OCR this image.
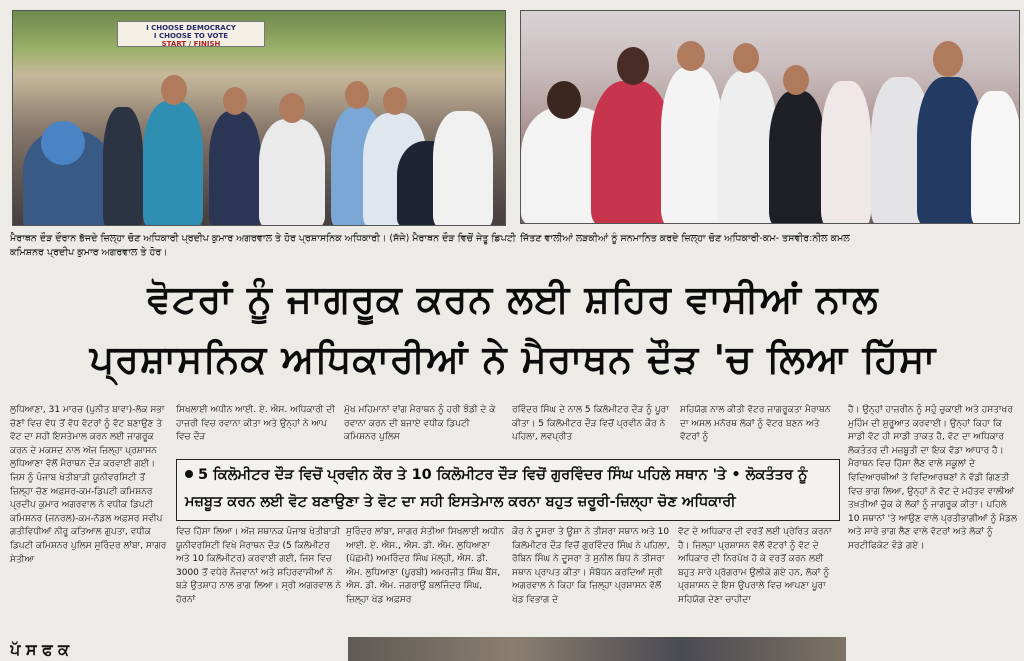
I CHOOSE DEMOCRACY
I CHOOSE TO VOTE
START / FINISH
ਮੈਰਾਥਨ ਦੌੜ ਦੌਰਾਨ ਭੱਜਦੇ ਜ਼ਿਲ੍ਹਾ ਚੋਣ ਅਧਿਕਾਰੀ ਪ੍ਰਦੀਪ ਕੁਮਾਰ ਅਗਰਵਾਲ ਤੇ ਹੋਰ ਪ੍ਰਸ਼ਾਸਨਿਕ ਅਧਿਕਾਰੀ। (ਸੱਜੇ) ਮੈਰਾਥਨ ਦੌੜ ਵਿਚੋਂ ਜੇਤੂ ਡਿਪਟੀ ਕਮਿਸ਼ਨਰ ਪ੍ਰਦੀਪ ਕੁਮਾਰ ਅਗਰਵਾਲ ਤੇ ਹੋਰ।
ਜਿੱਤਣ ਵਾਲੀਆਂ ਲੜਕੀਆਂ ਨੂੰ ਸਨਮਾਨਿਤ ਕਰਦੇ ਜ਼ਿਲ੍ਹਾ ਚੋਣ ਅਧਿਕਾਰੀ-ਕਮ- ਤਸਵੀਰ:ਨੀਲ ਕਮਲ
ਵੋਟਰਾਂ ਨੂੰ ਜਾਗਰੂਕ ਕਰਨ ਲਈ ਸ਼ਹਿਰ ਵਾਸੀਆਂ ਨਾਲ
ਪ੍ਰਸ਼ਾਸਨਿਕ ਅਧਿਕਾਰੀਆਂ ਨੇ ਮੈਰਾਥਨ ਦੌੜ 'ਚ ਲਿਆ ਹਿੱਸਾ
ਲੁਧਿਆਣਾ, 31 ਮਾਰਚ (ਪੁਨੀਤ ਬਾਵਾ)-ਲੋਕ ਸਭਾ ਚੋਣਾਂ ਵਿਚ ਵੱਧ ਤੋਂ ਵੱਧ ਵੋਟਰਾਂ ਨੂੰ ਵੋਟ ਬਣਾਉਣ ਤੇ ਵੋਟ ਦਾ ਸਹੀ ਇਸਤੇਮਾਲ ਕਰਨ ਲਈ ਜਾਗਰੂਕ ਕਰਨ ਦੇ ਮਕਸਦ ਨਾਲ ਅੱਜ ਜ਼ਿਲ੍ਹਾ ਪ੍ਰਸ਼ਾਸਨ ਲੁਧਿਆਣਾ ਵੱਲੋਂ ਮੈਰਾਥਨ ਦੌੜ ਕਰਵਾਈ ਗਈ। ਜਿਸ ਨੂੰ ਪੰਜਾਬ ਖੇਤੀਬਾੜੀ ਯੂਨੀਵਰਸਿਟੀ ਤੋਂ ਜ਼ਿਲ੍ਹਾ ਚੋਣ ਅਫ਼ਸਰ-ਕਮ-ਡਿਪਟੀ ਕਮਿਸ਼ਨਰ ਪ੍ਰਦੀਪ ਕੁਮਾਰ ਅਗਰਵਾਲ ਨੇ ਵਧੀਕ ਡਿਪਟੀ ਕਮਿਸ਼ਨਰ (ਜਨਰਲ)-ਕਮ-ਨੋਡਲ ਅਫ਼ਸਰ ਸਵੀਪ ਗਤੀਵਿਧੀਆਂ ਨੀਰੂ ਕਤਿਆਲ ਗੁਪਤਾ, ਵਧੀਕ ਡਿਪਟੀ ਕਮਿਸ਼ਨਰ ਪੁਲਿਸ ਸੁਰਿੰਦਰ ਲਾਂਬਾ, ਸਾਗਰ ਸੇਤੀਆ
ਸਿਖਲਾਈ ਅਧੀਨ ਆਈ. ਏ. ਐਸ. ਅਧਿਕਾਰੀ ਦੀ ਹਾਜ਼ਰੀ ਵਿਚ ਰਵਾਨਾ ਕੀਤਾ ਅਤੇ ਉਨ੍ਹਾਂ ਨੇ ਆਪ ਵਿਚ ਦੌੜ
ਵਿਚ ਹਿੱਸਾ ਲਿਆ। ਅੱਜ ਸਥਾਨਕ ਪੰਜਾਬ ਖੇਤੀਬਾੜੀ ਯੂਨੀਵਰਸਿਟੀ ਵਿਖੇ ਮੈਰਾਥਨ ਦੌੜ (5 ਕਿਲੋਮੀਟਰ ਅਤੇ 10 ਕਿਲੋਮੀਟਰ) ਕਰਵਾਈ ਗਈ, ਜਿਸ ਵਿਚ 3000 ਤੋਂ ਵਧੇਰੇ ਨੌਜਵਾਨਾਂ ਅਤੇ ਸ਼ਹਿਰਵਾਸੀਆਂ ਨੇ ਬੜੇ ਉਤਸ਼ਾਹ ਨਾਲ ਭਾਗ ਲਿਆ। ਸ੍ਰੀ ਅਗਰਵਾਲ ਨੇ ਹੋਰਨਾਂ
ਮੁੱਖ ਮਹਿਮਾਨਾਂ ਵਾਂਗ ਮੈਰਾਥਨ ਨੂੰ ਹਰੀ ਝੰਡੀ ਦੇ ਕੇ ਰਵਾਨਾ ਕਰਨ ਦੀ ਬਜਾਏ ਵਧੀਕ ਡਿਪਟੀ ਕਮਿਸ਼ਨਰ ਪੁਲਿਸ
ਸੁਰਿੰਦਰ ਲਾਂਬਾ, ਸਾਗਰ ਸੇਤੀਆ ਸਿਖਲਾਈ ਅਧੀਨ ਆਈ. ਏ. ਐਸ., ਐਸ. ਡੀ. ਐਮ. ਲੁਧਿਆਣਾ (ਪੱਛਮੀ) ਅਮਰਿੰਦਰ ਸਿੰਘ ਮੱਲ੍ਹੀ, ਐਸ. ਡੀ. ਐਮ. ਲੁਧਿਆਣਾ (ਪੂਰਬੀ) ਅਮਰਜੀਤ ਸਿੰਘ ਬੈਂਸ, ਐਸ. ਡੀ. ਐਮ. ਜਗਰਾਉਂ ਬਲਜਿੰਦਰ ਸਿੰਘ, ਜ਼ਿਲ੍ਹਾ ਖੇਡ ਅਫ਼ਸਰ
ਰਵਿੰਦਰ ਸਿੰਘ ਦੇ ਨਾਲ 5 ਕਿਲੋਮੀਟਰ ਦੌੜ ਨੂੰ ਪੂਰਾ ਕੀਤਾ। 5 ਕਿਲੋਮੀਟਰ ਦੌੜ ਵਿਚੋਂ ਪ੍ਰਵੀਨ ਕੌਰ ਨੇ ਪਹਿਲਾ, ਲਵਪ੍ਰੀਤ
ਕੌਰ ਨੇ ਦੂਸਰਾ ਤੇ ਊਸ਼ਾ ਨੇ ਤੀਸਰਾ ਸਥਾਨ ਅਤੇ 10 ਕਿਲੋਮੀਟਰ ਦੌੜ ਵਿਚੋਂ ਗੁਰਵਿੰਦਰ ਸਿੰਘ ਨੇ ਪਹਿਲਾ, ਰੋਬਿਨ ਸਿੰਘ ਨੇ ਦੂਸਰਾ ਤੇ ਸੁਨੀਲ ਬਿਧ ਨੇ ਤੀਸਰਾ ਸਥਾਨ ਪ੍ਰਾਪਤ ਕੀਤਾ। ਸੰਬੋਧਨ ਕਰਦਿਆਂ ਸ੍ਰੀ ਅਗਰਵਾਲ ਨੇ ਕਿਹਾ ਕਿ ਜ਼ਿਲ੍ਹਾ ਪ੍ਰਸ਼ਾਸਨ ਵੱਲੋਂ ਖੇਡ ਵਿਭਾਗ ਦੇ
ਸਹਿਯੋਗ ਨਾਲ ਕੀਤੀ ਵੋਟਰ ਜਾਗਰੂਕਤਾ ਮੈਰਾਥਨ ਦਾ ਅਸਲ ਮਨੋਰਥ ਲੋਕਾਂ ਨੂੰ ਵੋਟਰ ਬਣਨ ਅਤੇ ਵੋਟਰਾਂ ਨੂੰ
ਵੋਟ ਦੇ ਅਧਿਕਾਰ ਦੀ ਵਰਤੋਂ ਲਈ ਪ੍ਰੇਰਿਤ ਕਰਨਾ ਹੈ। ਜ਼ਿਲ੍ਹਾ ਪ੍ਰਸ਼ਾਸਨ ਵੱਲੋਂ ਵੋਟਰਾਂ ਨੂੰ ਵੋਟ ਦੇ ਅਧਿਕਾਰ ਦੀ ਨਿਰਪੱਖ ਹੋ ਕੇ ਵਰਤੋਂ ਕਰਨ ਲਈ ਬਹੁਤ ਸਾਰੇ ਪ੍ਰੋਗਰਾਮ ਉਲੀਕੇ ਗਏ ਹਨ, ਲੋਕਾਂ ਨੂੰ ਪ੍ਰਸ਼ਾਸਨ ਦੇ ਇਸ ਉਪਰਾਲੇ ਵਿਚ ਆਪਣਾ ਪੂਰਾ ਸਹਿਯੋਗ ਦੇਣਾ ਚਾਹੀਦਾ
ਹੈ। ਉਨ੍ਹਾਂ ਹਾਜ਼ਰੀਨ ਨੂੰ ਸਹੁੰ ਚੁਕਾਈ ਅਤੇ ਹਸਤਾਖਰ ਮੁਹਿੰਮ ਦੀ ਸ਼ੁਰੂਆਤ ਕਰਵਾਈ। ਉਨ੍ਹਾਂ ਕਿਹਾ ਕਿ ਸਾਡੀ ਵੋਟ ਹੀ ਸਾਡੀ ਤਾਕਤ ਹੈ, ਵੋਟ ਦਾ ਅਧਿਕਾਰ ਲੋਕਤੰਤਰ ਦੀ ਮਜ਼ਬੂਤੀ ਦਾ ਇਕ ਵੱਡਾ ਆਧਾਰ ਹੈ। ਮੈਰਾਥਨ ਵਿਚ ਹਿੱਸਾ ਲੈਣ ਵਾਲੇ ਸਕੂਲਾਂ ਦੇ ਵਿਦਿਆਰਥੀਆਂ ਤੇ ਵਿਦਿਆਰਥਣਾਂ ਨੇ ਵੱਡੀ ਗਿਣਤੀ ਵਿਚ ਭਾਗ ਲਿਆ, ਉਨ੍ਹਾਂ ਨੇ ਵੋਟ ਦੇ ਮਹੱਤਵ ਵਾਲੀਆਂ ਤਖ਼ਤੀਆਂ ਚੁੱਕ ਕੇ ਲੋਕਾਂ ਨੂੰ ਜਾਗਰੂਕ ਕੀਤਾ। ਪਹਿਲੇ 10 ਸਥਾਨਾਂ 'ਤੇ ਆਉਣ ਵਾਲੇ ਪ੍ਰਤੀਭਾਗੀਆਂ ਨੂੰ ਮੈਡਲ ਅਤੇ ਸਾਰੇ ਭਾਗ ਲੈਣ ਵਾਲੇ ਵੋਟਰਾਂ ਅਤੇ ਲੋਕਾਂ ਨੂੰ ਸਰਟੀਫਿਕੇਟ ਵੰਡੇ ਗਏ।
5 ਕਿਲੋਮੀਟਰ ਦੌੜ ਵਿਚੋਂ ਪ੍ਰਵੀਨ ਕੌਰ ਤੇ 10 ਕਿਲੋਮੀਟਰ ਦੌੜ ਵਿਚੋਂ ਗੁਰਵਿੰਦਰ ਸਿੰਘ ਪਹਿਲੇ ਸਥਾਨ 'ਤੇ • ਲੋਕਤੰਤਰ ਨੂੰ ਮਜ਼ਬੂਤ ਕਰਨ ਲਈ ਵੋਟ ਬਣਾਉਣਾ ਤੇ ਵੋਟ ਦਾ ਸਹੀ ਇਸਤੇਮਾਲ ਕਰਨਾ ਬਹੁਤ ਜ਼ਰੂਰੀ-ਜ਼ਿਲ੍ਹਾ ਚੋਣ ਅਧਿਕਾਰੀ
ਪੱ ਸ ਫ ਕ
